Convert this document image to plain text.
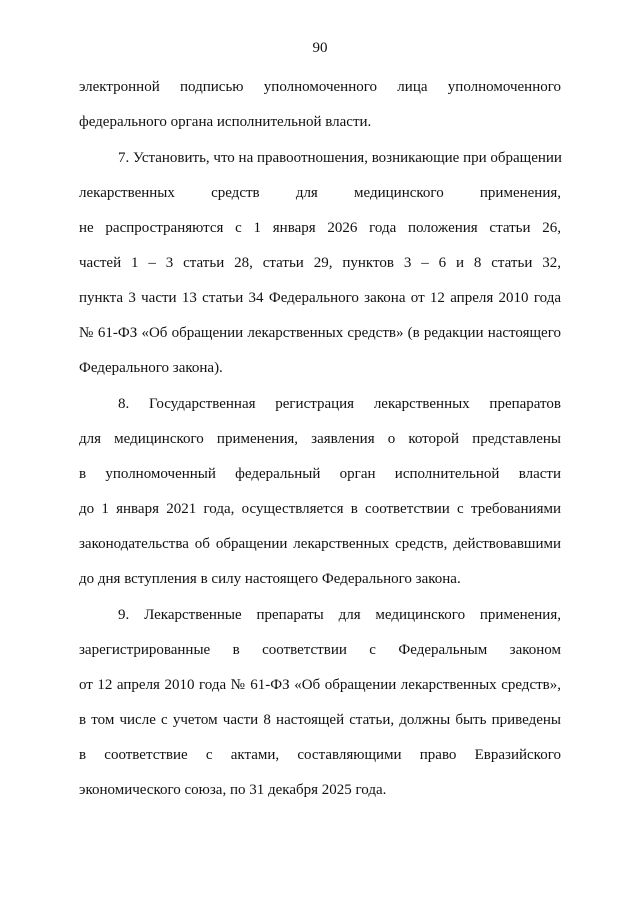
90
электронной подписью уполномоченного лица уполномоченного
федерального органа исполнительной власти.
7. Установить, что на правоотношения, возникающие при обращении
лекарственных средств для медицинского применения,
не распространяются с 1 января 2026 года положения статьи 26,
частей 1 – 3 статьи 28, статьи 29, пунктов 3 – 6 и 8 статьи 32,
пункта 3 части 13 статьи 34 Федерального закона от 12 апреля 2010 года
№ 61-ФЗ «Об обращении лекарственных средств» (в редакции настоящего
Федерального закона).
8. Государственная регистрация лекарственных препаратов
для медицинского применения, заявления о которой представлены
в уполномоченный федеральный орган исполнительной власти
до 1 января 2021 года, осуществляется в соответствии с требованиями
законодательства об обращении лекарственных средств, действовавшими
до дня вступления в силу настоящего Федерального закона.
9. Лекарственные препараты для медицинского применения,
зарегистрированные в соответствии с Федеральным законом
от 12 апреля 2010 года № 61-ФЗ «Об обращении лекарственных средств»,
в том числе с учетом части 8 настоящей статьи, должны быть приведены
в соответствие с актами, составляющими право Евразийского
экономического союза, по 31 декабря 2025 года.
